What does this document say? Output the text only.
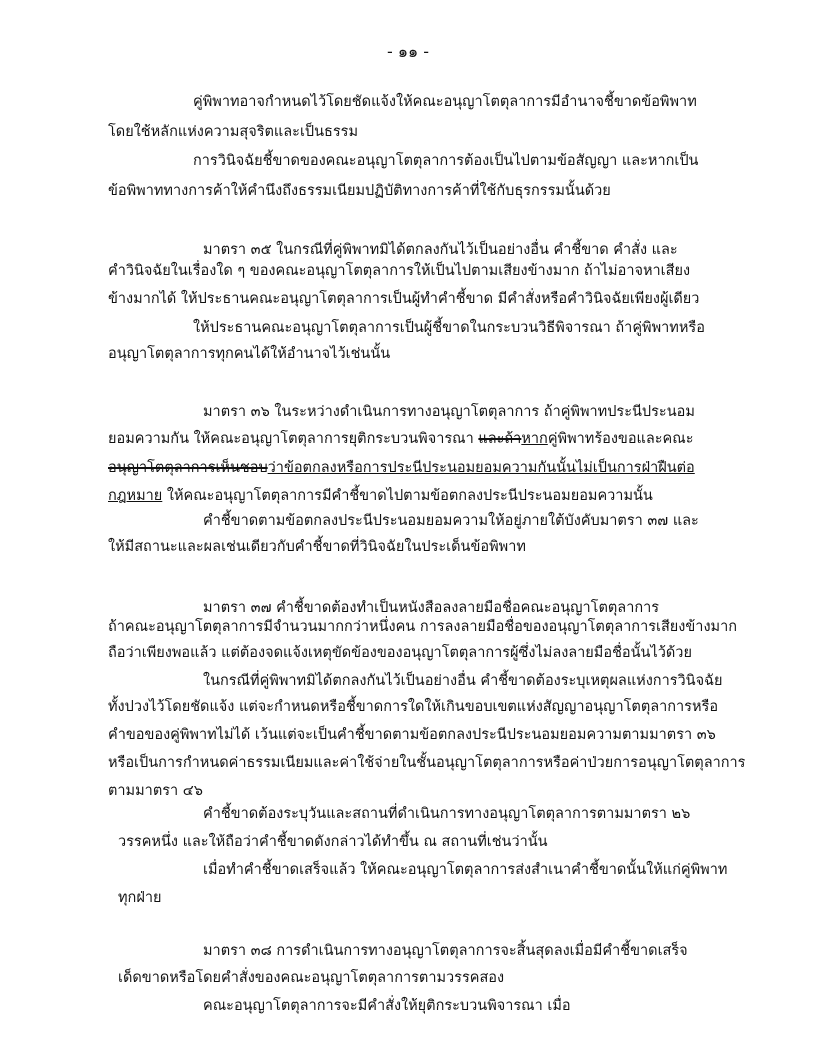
- ๑๑ -
คู่พิพาทอาจกำหนดไว้โดยชัดแจ้งให้คณะอนุญาโตตุลาการมีอำนาจชี้ขาดข้อพิพาท
โดยใช้หลักแห่งความสุจริตและเป็นธรรม
การวินิจฉัยชี้ขาดของคณะอนุญาโตตุลาการต้องเป็นไปตามข้อสัญญา และหากเป็น
ข้อพิพาททางการค้าให้คำนึงถึงธรรมเนียมปฏิบัติทางการค้าที่ใช้กับธุรกรรมนั้นด้วย
มาตรา ๓๕ ในกรณีที่คู่พิพาทมิได้ตกลงกันไว้เป็นอย่างอื่น คำชี้ขาด คำสั่ง และ
คำวินิจฉัยในเรื่องใด ๆ ของคณะอนุญาโตตุลาการให้เป็นไปตามเสียงข้างมาก ถ้าไม่อาจหาเสียง
ข้างมากได้ ให้ประธานคณะอนุญาโตตุลาการเป็นผู้ทำคำชี้ขาด มีคำสั่งหรือคำวินิจฉัยเพียงผู้เดียว
ให้ประธานคณะอนุญาโตตุลาการเป็นผู้ชี้ขาดในกระบวนวิธีพิจารณา ถ้าคู่พิพาทหรือ
อนุญาโตตุลาการทุกคนได้ให้อำนาจไว้เช่นนั้น
มาตรา ๓๖ ในระหว่างดำเนินการทางอนุญาโตตุลาการ ถ้าคู่พิพาทประนีประนอม
ยอมความกัน ให้คณะอนุญาโตตุลาการยุติกระบวนพิจารณา และถ้าหากคู่พิพาทร้องขอและคณะ
อนุญาโตตุลาการเห็นชอบว่าข้อตกลงหรือการประนีประนอมยอมความกันนั้นไม่เป็นการฝ่าฝืนต่อ
กฎหมาย ให้คณะอนุญาโตตุลาการมีคำชี้ขาดไปตามข้อตกลงประนีประนอมยอมความนั้น
คำชี้ขาดตามข้อตกลงประนีประนอมยอมความให้อยู่ภายใต้บังคับมาตรา ๓๗ และ
ให้มีสถานะและผลเช่นเดียวกับคำชี้ขาดที่วินิจฉัยในประเด็นข้อพิพาท
มาตรา ๓๗ คำชี้ขาดต้องทำเป็นหนังสือลงลายมือชื่อคณะอนุญาโตตุลาการ
ถ้าคณะอนุญาโตตุลาการมีจำนวนมากกว่าหนึ่งคน การลงลายมือชื่อของอนุญาโตตุลาการเสียงข้างมาก
ถือว่าเพียงพอแล้ว แต่ต้องจดแจ้งเหตุขัดข้องของอนุญาโตตุลาการผู้ซึ่งไม่ลงลายมือชื่อนั้นไว้ด้วย
ในกรณีที่คู่พิพาทมิได้ตกลงกันไว้เป็นอย่างอื่น คำชี้ขาดต้องระบุเหตุผลแห่งการวินิจฉัย
ทั้งปวงไว้โดยชัดแจ้ง แต่จะกำหนดหรือชี้ขาดการใดให้เกินขอบเขตแห่งสัญญาอนุญาโตตุลาการหรือ
คำขอของคู่พิพาทไม่ได้ เว้นแต่จะเป็นคำชี้ขาดตามข้อตกลงประนีประนอมยอมความตามมาตรา ๓๖
หรือเป็นการกำหนดค่าธรรมเนียมและค่าใช้จ่ายในชั้นอนุญาโตตุลาการหรือค่าป่วยการอนุญาโตตุลาการ
ตามมาตรา ๔๖
คำชี้ขาดต้องระบุวันและสถานที่ดำเนินการทางอนุญาโตตุลาการตามมาตรา ๒๖
วรรคหนึ่ง และให้ถือว่าคำชี้ขาดดังกล่าวได้ทำขึ้น ณ สถานที่เช่นว่านั้น
เมื่อทำคำชี้ขาดเสร็จแล้ว ให้คณะอนุญาโตตุลาการส่งสำเนาคำชี้ขาดนั้นให้แก่คู่พิพาท
ทุกฝ่าย
มาตรา ๓๘ การดำเนินการทางอนุญาโตตุลาการจะสิ้นสุดลงเมื่อมีคำชี้ขาดเสร็จ
เด็ดขาดหรือโดยคำสั่งของคณะอนุญาโตตุลาการตามวรรคสอง
คณะอนุญาโตตุลาการจะมีคำสั่งให้ยุติกระบวนพิจารณา เมื่อ
